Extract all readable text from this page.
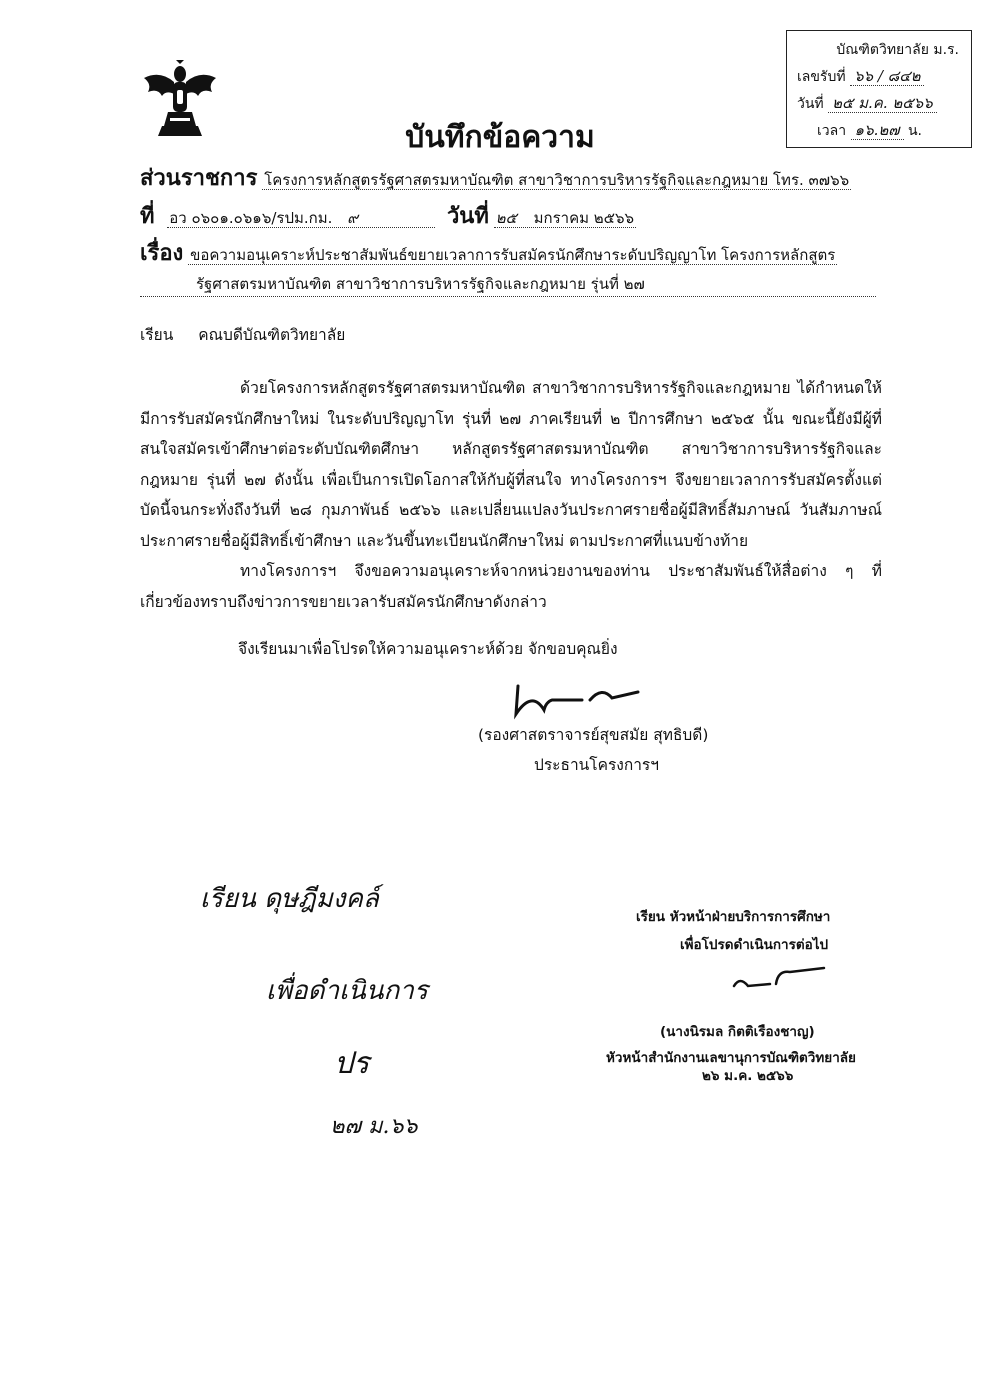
บัณฑิตวิทยาลัย ม.ร.
เลขรับที่ ๖๖ / ๘๔๒
วันที่ ๒๕ ม.ค. ๒๕๖๖
เวลา ๑๖.๒๗ น.
บันทึกข้อความ
ส่วนราชการ โครงการหลักสูตรรัฐศาสตรมหาบัณฑิต สาขาวิชาการบริหารรัฐกิจและกฎหมาย โทร. ๓๗๖๖
ที่ อว ๐๖๐๑.๐๖๑๖/รปม.กม. ๙	วันที่ ๒๕ มกราคม ๒๕๖๖
เรื่อง ขอความอนุเคราะห์ประชาสัมพันธ์ขยายเวลาการรับสมัครนักศึกษาระดับปริญญาโท โครงการหลักสูตร
รัฐศาสตรมหาบัณฑิต สาขาวิชาการบริหารรัฐกิจและกฎหมาย รุ่นที่ ๒๗
เรียน คณบดีบัณฑิตวิทยาลัย

ด้วยโครงการหลักสูตรรัฐศาสตรมหาบัณฑิต สาขาวิชาการบริหารรัฐกิจและกฎหมาย ได้กำหนดให้มีการรับสมัครนักศึกษาใหม่ ในระดับปริญญาโท รุ่นที่ ๒๗ ภาคเรียนที่ ๒ ปีการศึกษา ๒๕๖๕ นั้น ขณะนี้ยังมีผู้ที่สนใจสมัครเข้าศึกษาต่อระดับบัณฑิตศึกษา หลักสูตรรัฐศาสตรมหาบัณฑิต สาขาวิชาการบริหารรัฐกิจและกฎหมาย รุ่นที่ ๒๗ ดังนั้น เพื่อเป็นการเปิดโอกาสให้กับผู้ที่สนใจ ทางโครงการฯ จึงขยายเวลาการรับสมัครตั้งแต่บัดนี้จนกระทั่งถึงวันที่ ๒๘ กุมภาพันธ์ ๒๕๖๖ และเปลี่ยนแปลงวันประกาศรายชื่อผู้มีสิทธิ์สัมภาษณ์ วันสัมภาษณ์ ประกาศรายชื่อผู้มีสิทธิ์เข้าศึกษา และวันขึ้นทะเบียนนักศึกษาใหม่ ตามประกาศที่แนบข้างท้าย

ทางโครงการฯ จึงขอความอนุเคราะห์จากหน่วยงานของท่าน ประชาสัมพันธ์ให้สื่อต่าง ๆ ที่เกี่ยวข้องทราบถึงข่าวการขยายเวลารับสมัครนักศึกษาดังกล่าว

จึงเรียนมาเพื่อโปรดให้ความอนุเคราะห์ด้วย จักขอบคุณยิ่ง
(รองศาสตราจารย์สุขสมัย สุทธิบดี)
ประธานโครงการฯ
เรียน ดุษฎีมงคล์
เพื่อดำเนินการ
ปร
๒๗ ม.๖๖
เรียน หัวหน้าฝ่ายบริการการศึกษา
เพื่อโปรดดำเนินการต่อไป
(นางนิรมล กิตติเรืองชาญ)
หัวหน้าสำนักงานเลขานุการบัณฑิตวิทยาลัย
๒๖ ม.ค. ๒๕๖๖
